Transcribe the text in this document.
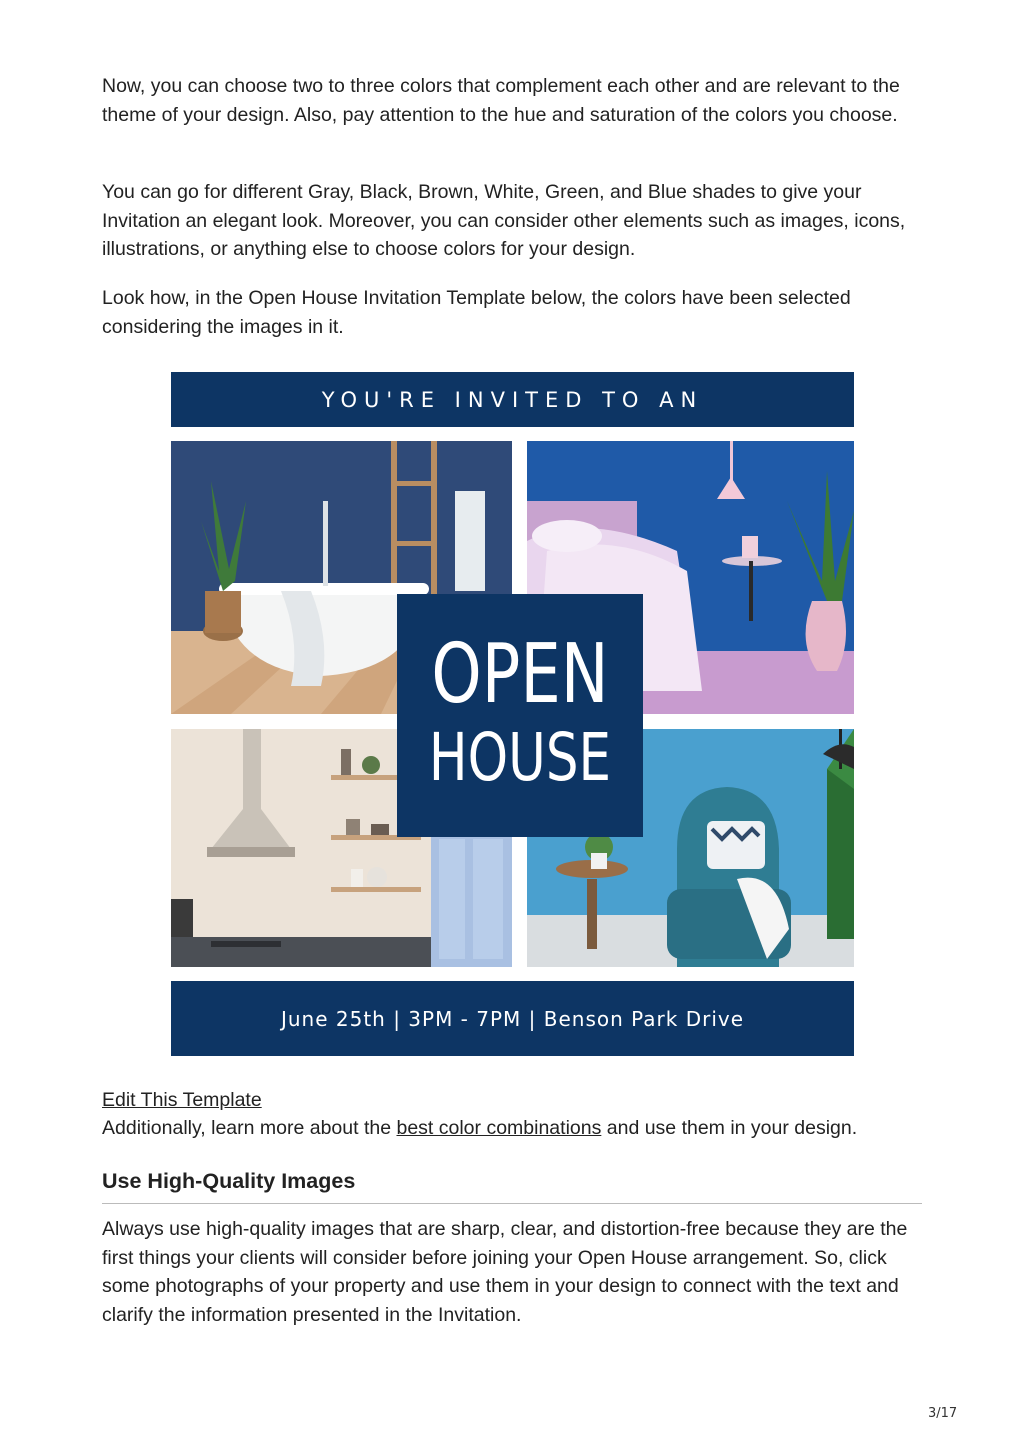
Now, you can choose two to three colors that complement each other and are relevant to the theme of your design. Also, pay attention to the hue and saturation of the colors you choose.

You can go for different Gray, Black, Brown, White, Green, and Blue shades to give your Invitation an elegant look. Moreover, you can consider other elements such as images, icons, illustrations, or anything else to choose colors for your design.

Look how, in the Open House Invitation Template below, the colors have been selected considering the images in it.

YOU'RE INVITED TO AN
OPEN
HOUSE
June 25th | 3PM - 7PM | Benson Park Drive
Edit This Template

Additionally, learn more about the best color combinations and use them in your design.

Use High-Quality Images

Always use high-quality images that are sharp, clear, and distortion-free because they are the first things your clients will consider before joining your Open House arrangement. So, click some photographs of your property and use them in your design to connect with the text and clarify the information presented in the Invitation.

3/17
